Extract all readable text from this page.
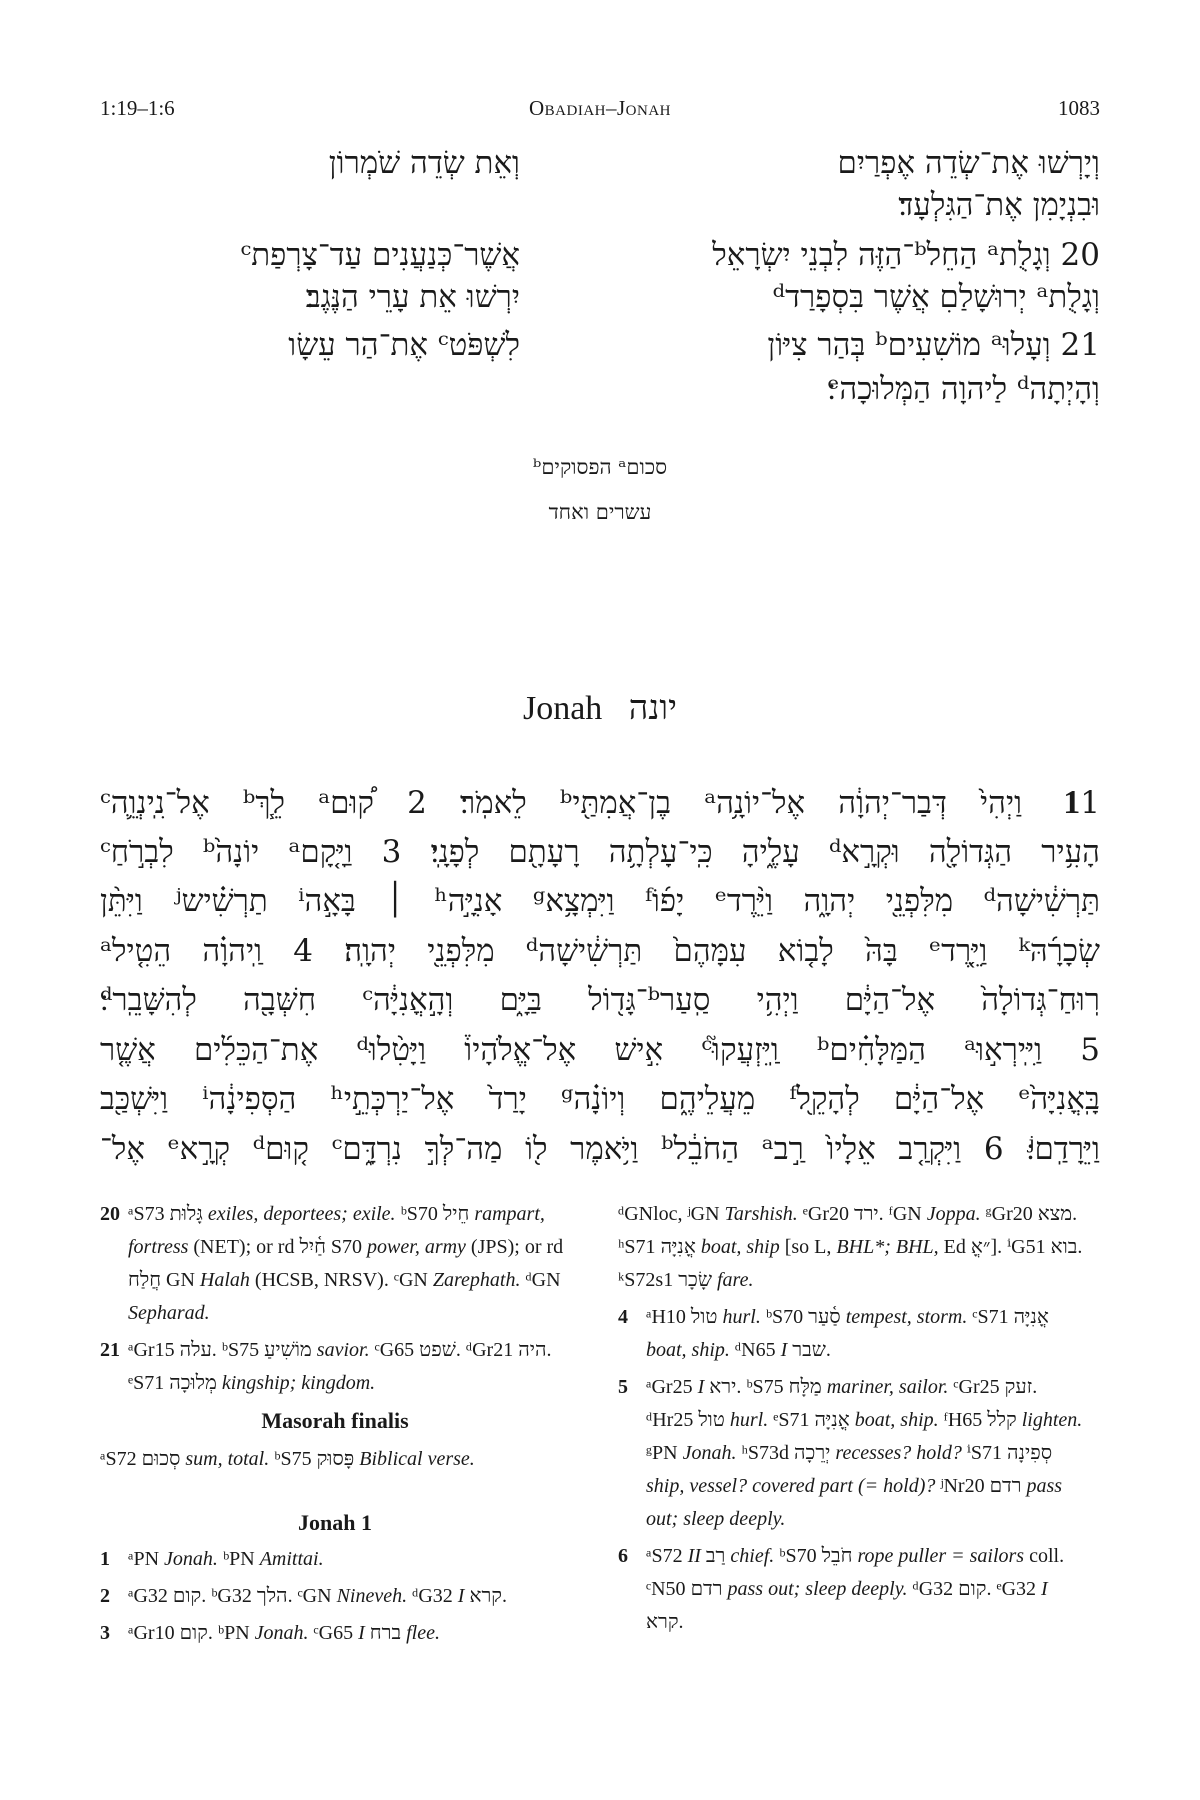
1:19–1:6	Obadiah–Jonah	1083
וְיָרְשׁוּ אֶת־שְׂדֵה אֶפְרַיִם
וּבִנְיָמִן אֶת־הַגִּלְעָד׃
20 וְגָלֻתᵃ הַחֵלᵇ־הַזֶּה לִבְנֵי יִשְׂרָאֵל
וְגָלֻתᵃ יְרוּשָׁלַםִ אֲשֶׁר בִּסְפָרַדᵈ
21 וְעָלוּᵃ מוֹשִׁעִיםᵇ בְּהַר צִיּוֹן
וְהָיְתָהᵈ לַיהוָה הַמְּלוּכָהᵉ׃
וְאֵת שְׂדֵה שֹׁמְרוֹן
אֲשֶׁר־כְּנַעֲנִים עַד־צָרְפַתᶜ
יִרְשׁוּ אֵת עָרֵי הַנֶּגֶב׃
לִשְׁפֹּטᶜ אֶת־הַר עֵשָׂו
סכוםᵃ הפסוקיםᵇ
עשרים ואחד
Jonah יונה
11 וַיְהִי֙ דְּבַר־יְהוָ֔ה אֶל־יוֹנָ֥הᵃ בֶן־אֲמִתַּ֖יᵇ לֵאמֹֽר׃ 2 ק֠וּםᵃ לֵ֧ךְᵇ אֶל־נִֽינְוֵ֛הᶜ
הָעִ֥יר הַגְּדוֹלָ֖ה וּקְרָ֣אᵈ עָלֶ֑יהָ כִּֽי־עָלְתָ֥ה רָעָתָ֖ם לְפָנָֽי׃ 3 וַיָּ֤קָםᵃ יוֹנָה֙ᵇ לִבְרֹ֣חַᶜ
תַּרְשִׁ֔ישָׁהᵈ מִלִּפְנֵ֖י יְהוָ֑ה וַיֵּ֨רֶדᵉ יָפ֜וֹᶠ וַיִּמְצָ֥אᵍ אָנִיָּ֣הʰ ׀ בָּאָ֣הⁱ תַרְשִׁ֗ישʲ וַיִּתֵּ֨ן
שְׂכָרָ֜הּᵏ וַיֵּ֤רֶדᵉ בָּהּ֙ לָב֤וֹא עִמָּהֶם֙ תַּרְשִׁ֔ישָׁהᵈ מִלִּפְנֵ֖י יְהוָֽה׃ 4 וַֽיהוָ֗ה הֵטִ֤ילᵃ
רֽוּחַ־גְּדוֹלָה֙ אֶל־הַיָּ֔ם וַיְהִ֥י סַֽעַרᵇ־גָּד֖וֹל בַּיָּ֑ם וְהָ֣אֳנִיָּ֔הᶜ חִשְּׁבָ֖ה לְהִשָּׁבֵֽרᵈ׃
5 וַיִּֽירְא֣וּᵃ הַמַּלָּחִ֗יםᵇ וַֽיִּזְעֲקוּ֮ᶜ אִ֣ישׁ אֶל־אֱלֹהָיו֒ וַיָּטִ֨לוּᵈ אֶת־הַכֵּלִ֜ים אֲשֶׁ֤ר
בָּֽאֳנִיָּה֙ᵉ אֶל־הַיָּ֔ם לְהָקֵ֖לᶠ מֵעֲלֵיהֶ֑ם וְיוֹנָ֗הᵍ יָרַד֙ אֶל־יַרְכְּתֵ֣יʰ הַסְּפִינָ֔הⁱ וַיִּשְׁכַּ֖ב
וַיֵּרָדַֽםʲ׃ 6 וַיִּקְרַ֤ב אֵלָיו֙ רַ֣בᵃ הַחֹבֵ֔לᵇ וַיֹּ֥אמֶר ל֖וֹ מַה־לְּךָ֣ נִרְדָּ֑םᶜ ק֚וּםᵈ קְרָ֣אᵉ אֶל־
20 ᵃS73 גָּלוּת exiles, deportees; exile. ᵇS70 חֵיל rampart, fortress (NET); or rd חַ֫יִל S70 power, army (JPS); or rd חֲלַח GN Halah (HCSB, NRSV). ᶜGN Zarephath. ᵈGN Sepharad.
21 ᵃGr15 עלה. ᵇS75 מוֹשִׁיעַ savior. ᶜG65 שׁפט. ᵈGr21 היה. ᵉS71 מְלוּכָה kingship; kingdom.
Masorah finalis
ᵃS72 סְכוּם sum, total. ᵇS75 פָּסוּק Biblical verse.
Jonah 1
1 ᵃPN Jonah. ᵇPN Amittai.
2 ᵃG32 קום. ᵇG32 הלך. ᶜGN Nineveh. ᵈG32 I קרא.
3 ᵃGr10 קום. ᵇPN Jonah. ᶜG65 I ברח flee.
ᵈGNloc, ʲGN Tarshish. ᵉGr20 ירד. ᶠGN Joppa. ᵍGr20 מצא. ʰS71 אֳנִיָּה boat, ship [so L, BHL*; BHL, Ed ״אֳ]. ⁱG51 בוא. ᵏS72s1 שָׂכָר fare.
4 ᵃH10 טול hurl. ᵇS70 סַ֫עַר tempest, storm. ᶜS71 אֳנִיָּה boat, ship. ᵈN65 I שבר.
5 ᵃGr25 I ירא. ᵇS75 מַלָּח mariner, sailor. ᶜGr25 זעק. ᵈHr25 טול hurl. ᵉS71 אֳנִיָּה boat, ship. ᶠH65 קלל lighten. ᵍPN Jonah. ʰS73d יְרֵכָה recesses? hold? ⁱS71 סְפִינָה ship, vessel? covered part (= hold)? ʲNr20 רדם pass out; sleep deeply.
6 ᵃS72 II רַב chief. ᵇS70 חֹבֵל rope puller = sailors coll. ᶜN50 רדם pass out; sleep deeply. ᵈG32 קום. ᵉG32 I קרא.
